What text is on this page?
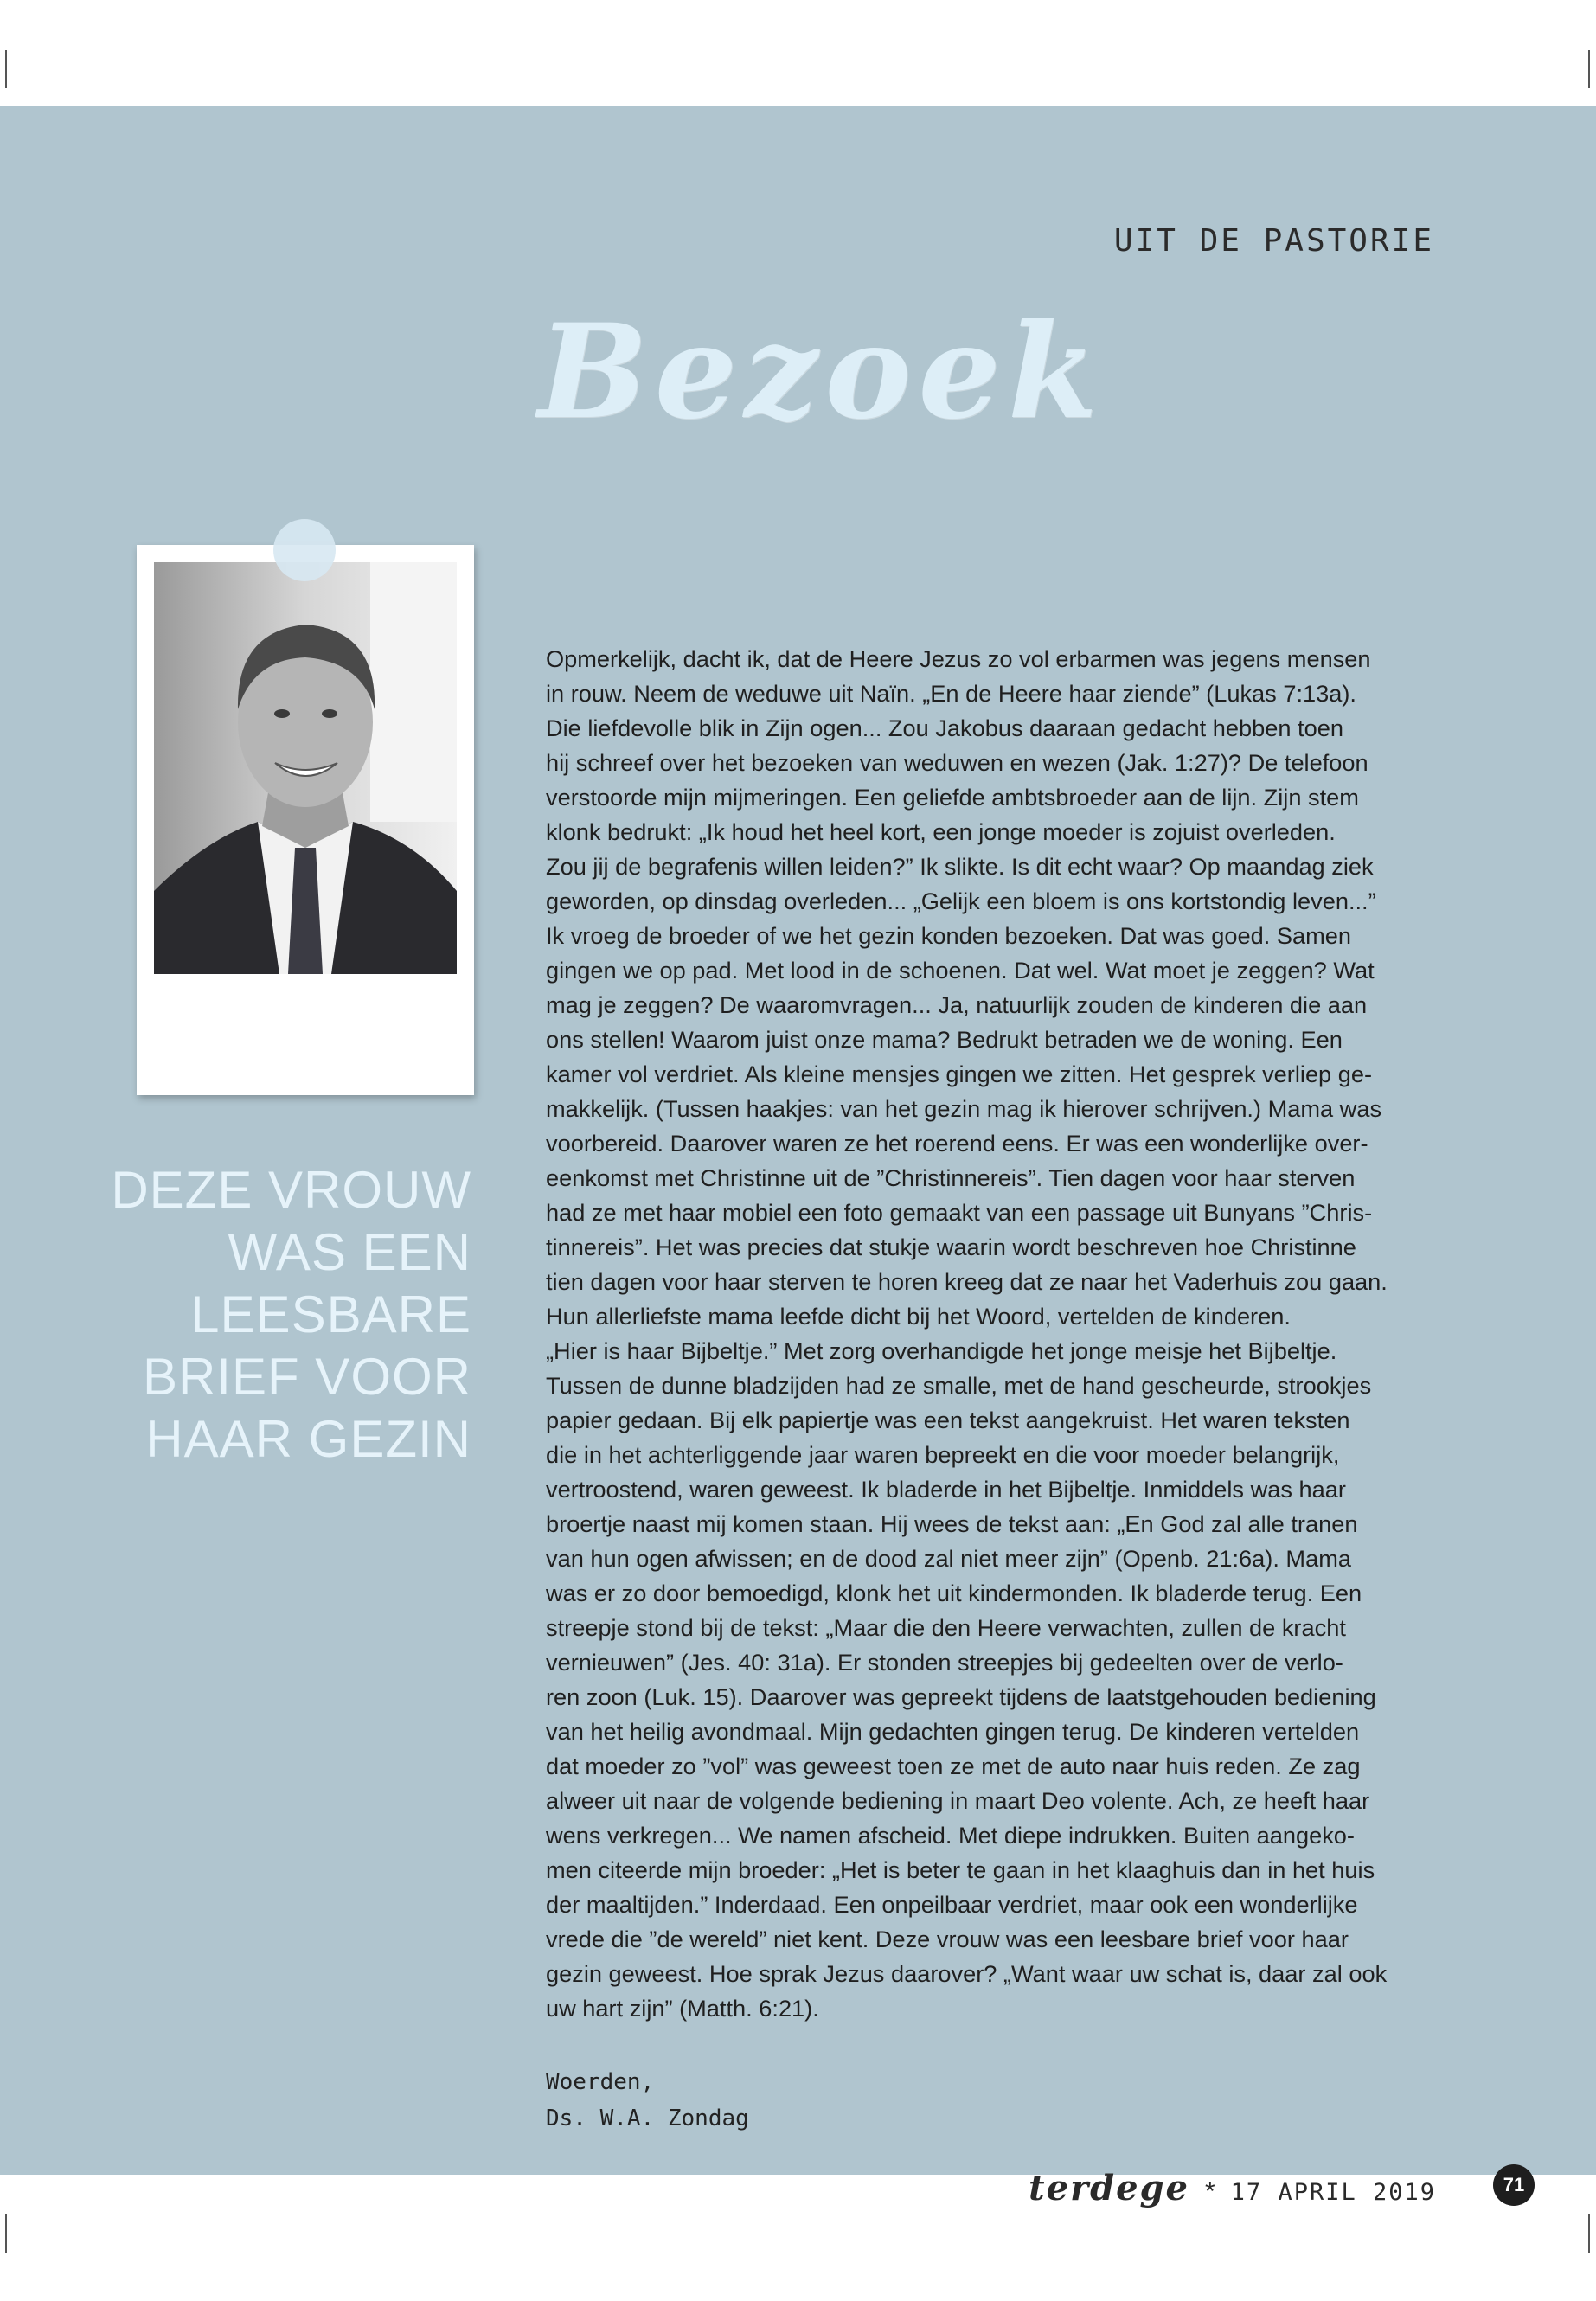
UIT DE PASTORIE

Bezoek
DEZE VROUW
WAS EEN
LEESBARE
BRIEF VOOR
HAAR GEZIN

Opmerkelijk, dacht ik, dat de Heere Jezus zo vol erbarmen was jegens mensen
in rouw. Neem de weduwe uit Naïn. „En de Heere haar ziende” (Lukas 7:13a).
Die liefdevolle blik in Zijn ogen... Zou Jakobus daaraan gedacht hebben toen
hij schreef over het bezoeken van weduwen en wezen (Jak. 1:27)? De telefoon
verstoorde mijn mijmeringen. Een geliefde ambtsbroeder aan de lijn. Zijn stem
klonk bedrukt: „Ik houd het heel kort, een jonge moeder is zojuist overleden.
Zou jij de begrafenis willen leiden?” Ik slikte. Is dit echt waar? Op maandag ziek
geworden, op dinsdag overleden... „Gelijk een bloem is ons kortstondig leven...”
Ik vroeg de broeder of we het gezin konden bezoeken. Dat was goed. Samen
gingen we op pad. Met lood in de schoenen. Dat wel. Wat moet je zeggen? Wat
mag je zeggen? De waaromvragen... Ja, natuurlijk zouden de kinderen die aan
ons stellen! Waarom juist onze mama? Bedrukt betraden we de woning. Een
kamer vol verdriet. Als kleine mensjes gingen we zitten. Het gesprek verliep ge-
makkelijk. (Tussen haakjes: van het gezin mag ik hierover schrijven.) Mama was
voorbereid. Daarover waren ze het roerend eens. Er was een wonderlijke over-
eenkomst met Christinne uit de ”Christinnereis”. Tien dagen voor haar sterven
had ze met haar mobiel een foto gemaakt van een passage uit Bunyans ”Chris-
tinnereis”. Het was precies dat stukje waarin wordt beschreven hoe Christinne
tien dagen voor haar sterven te horen kreeg dat ze naar het Vaderhuis zou gaan.
Hun allerliefste mama leefde dicht bij het Woord, vertelden de kinderen.
„Hier is haar Bijbeltje.” Met zorg overhandigde het jonge meisje het Bijbeltje.
Tussen de dunne bladzijden had ze smalle, met de hand gescheurde, strookjes
papier gedaan. Bij elk papiertje was een tekst aangekruist. Het waren teksten
die in het achterliggende jaar waren bepreekt en die voor moeder belangrijk,
vertroostend, waren geweest. Ik bladerde in het Bijbeltje. Inmiddels was haar
broertje naast mij komen staan. Hij wees de tekst aan: „En God zal alle tranen
van hun ogen afwissen; en de dood zal niet meer zijn” (Openb. 21:6a). Mama
was er zo door bemoedigd, klonk het uit kindermonden. Ik bladerde terug. Een
streepje stond bij de tekst: „Maar die den Heere verwachten, zullen de kracht
vernieuwen” (Jes. 40: 31a). Er stonden streepjes bij gedeelten over de verlo-
ren zoon (Luk. 15). Daarover was gepreekt tijdens de laatstgehouden bediening
van het heilig avondmaal. Mijn gedachten gingen terug. De kinderen vertelden
dat moeder zo ”vol” was geweest toen ze met de auto naar huis reden. Ze zag
alweer uit naar de volgende bediening in maart Deo volente. Ach, ze heeft haar
wens verkregen... We namen afscheid. Met diepe indrukken. Buiten aangeko-
men citeerde mijn broeder: „Het is beter te gaan in het klaaghuis dan in het huis
der maaltijden.” Inderdaad. Een onpeilbaar verdriet, maar ook een wonderlijke
vrede die ”de wereld” niet kent. Deze vrouw was een leesbare brief voor haar
gezin geweest. Hoe sprak Jezus daarover? „Want waar uw schat is, daar zal ook
uw hart zijn” (Matth. 6:21).

Woerden,
Ds. W.A. Zondag
terdege * 17 APRIL 2019	71
